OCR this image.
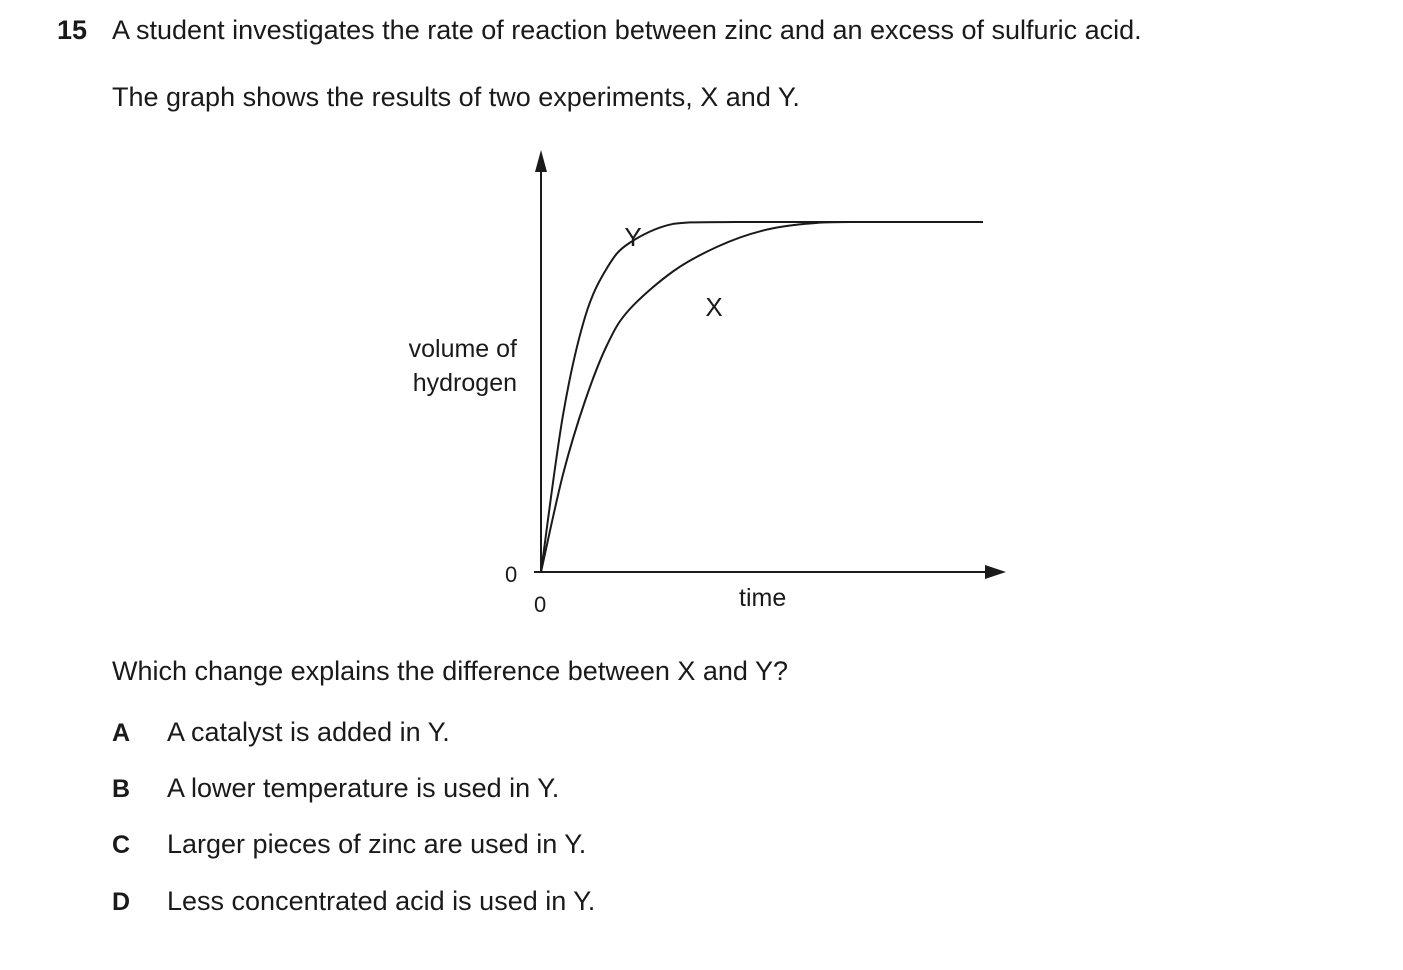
15 A student investigates the rate of reaction between zinc and an excess of sulfuric acid.
The graph shows the results of two experiments, X and Y.
0
0	time
volume of
hydrogen
Y
X
Which change explains the difference between X and Y?
A A catalyst is added in Y.
B A lower temperature is used in Y.
C Larger pieces of zinc are used in Y.
D Less concentrated acid is used in Y.
